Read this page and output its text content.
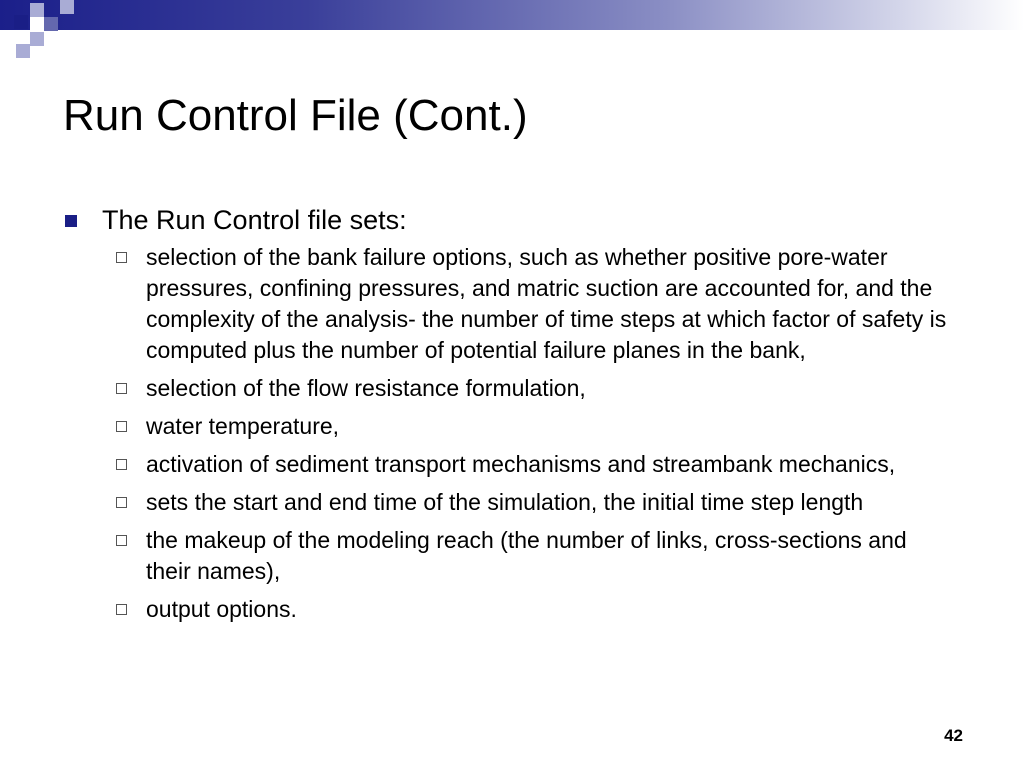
Run Control File (Cont.)
The Run Control file sets:
selection of the bank failure options, such as whether positive pore-water pressures, confining pressures, and matric suction are accounted for, and the complexity of the analysis- the number of time steps at which factor of safety is computed plus the number of potential failure planes in the bank,
selection of the flow resistance formulation,
water temperature,
activation of sediment transport mechanisms and streambank mechanics,
sets the start and end time of the simulation, the initial time step length
the makeup of the modeling reach (the number of links, cross-sections and their names),
output options.
42
